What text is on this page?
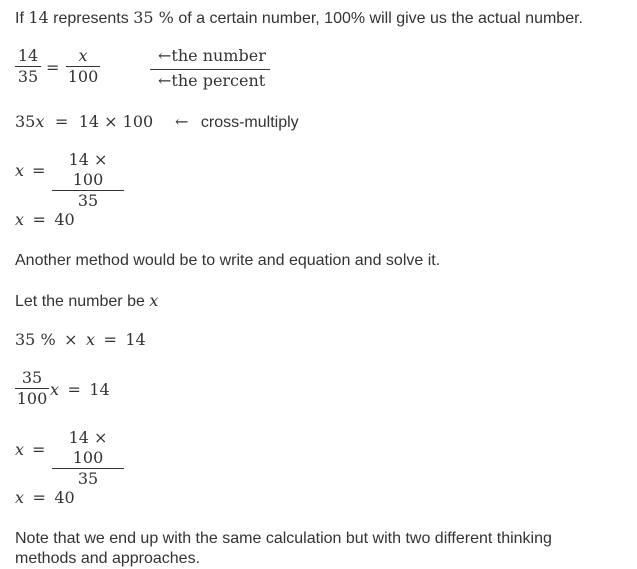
If 14 represents 35 % of a certain number, 100% will give us the actual number.
$\frac{14}{35} = \frac{x}{100}$	←the number
←the percent
35x = 14 × 100 ← cross-multiply
$x = \frac{14 \times 100}{35}$
x = 40
Another method would be to write and equation and solve it.
Let the number be x
35 % × x = 14
$\frac{35}{100}$ x = 14
$x = \frac{14 \times 100}{35}$
x = 40
Note that we end up with the same calculation but with two different thinking methods and approaches.
